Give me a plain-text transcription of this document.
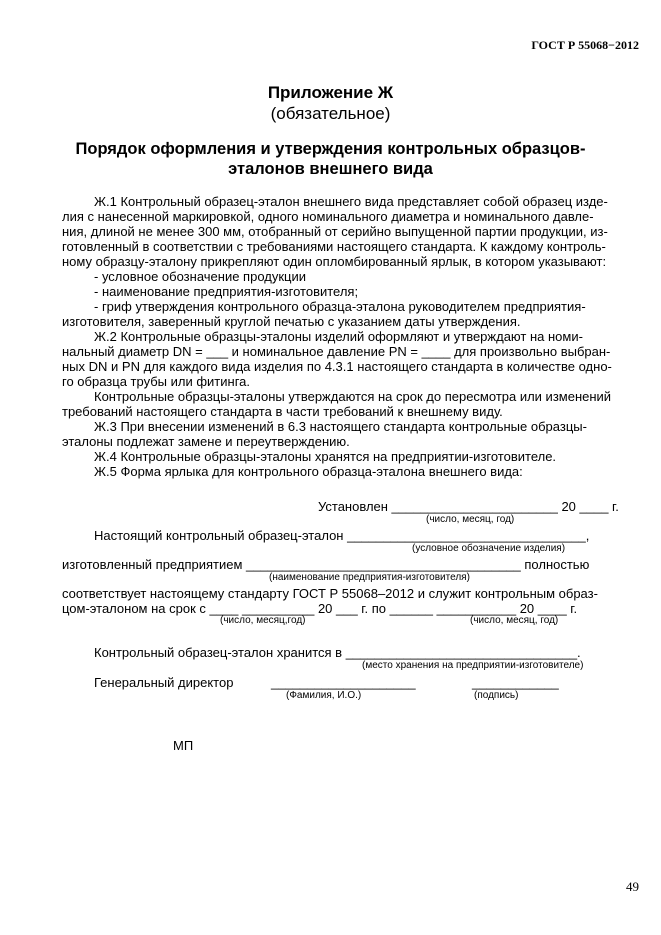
ГОСТ Р 55068−2012
Приложение Ж
(обязательное)
Порядок оформления и утверждения контрольных образцов-
эталонов внешнего вида
Ж.1 Контрольный образец-эталон внешнего вида представляет собой образец изде-
лия с нанесенной маркировкой, одного номинального диаметра и номинального давле-
ния, длиной не менее 300 мм, отобранный от серийно выпущенной партии продукции, из-
готовленный в соответствии с требованиями настоящего стандарта. К каждому контроль-
ному образцу-эталону прикрепляют один опломбированный ярлык, в котором указывают:
- условное обозначение продукции
- наименование предприятия-изготовителя;
- гриф утверждения контрольного образца-эталона руководителем предприятия-
изготовителя, заверенный круглой печатью с указанием даты утверждения.
Ж.2 Контрольные образцы-эталоны изделий оформляют и утверждают на номи-
нальный диаметр DN = ___ и номинальное давление PN = ____ для произвольно выбран-
ных DN и PN для каждого вида изделия по 4.3.1 настоящего стандарта в количестве одно-
го образца трубы или фитинга.
Контрольные образцы-эталоны утверждаются на срок до пересмотра или изменений
требований настоящего стандарта в части требований к внешнему виду.
Ж.3 При внесении изменений в 6.3 настоящего стандарта контрольные образцы-
эталоны подлежат замене и переутверждению.
Ж.4 Контрольные образцы-эталоны хранятся на предприятии-изготовителе.
Ж.5 Форма ярлыка для контрольного образца-эталона внешнего вида:
Установлен _______________________ 20 ____ г.
(число, месяц, год)
Настоящий контрольный образец-эталон _________________________________,
(условное обозначение изделия)
изготовленный предприятием ______________________________________ полностью
(наименование предприятия-изготовителя)
соответствует настоящему стандарту ГОСТ Р 55068–2012 и служит контрольным образ-
цом-эталоном на срок с ____ __________ 20 ___ г. по ______ ___________ 20 ____ г.
(число, месяц,год)	(число, месяц, год)
Контрольный образец-эталон хранится в ________________________________.
(место хранения на предприятии-изготовителе)
Генеральный директор	____________________	____________
(Фамилия, И.О.)	(подпись)
МП
49
